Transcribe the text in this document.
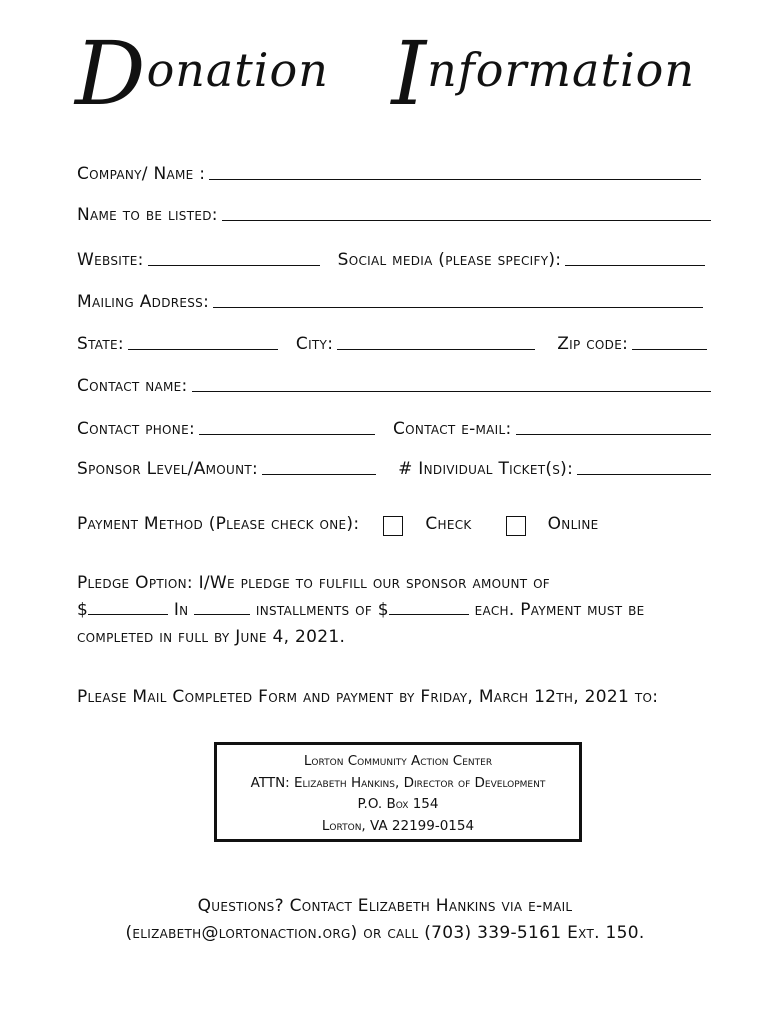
Donation Information
Company/ Name :
Name to be listed:
Website:	Social media (please specify):
Mailing Address:
State:	City:	Zip code:
Contact name:
Contact phone:	Contact e-mail:
Sponsor Level/Amount:	# Individual Ticket(s):
Payment Method (Please check one):	Check	Online
Pledge Option: I/We pledge to fulfill our sponsor amount of
$	In	installments of $	each. Payment must be
completed in full by June 4, 2021.
Please Mail Completed Form and payment by Friday, March 12th, 2021 to:
Lorton Community Action Center
ATTN: Elizabeth Hankins, Director of Development
P.O. Box 154
Lorton, VA 22199-0154
Questions? Contact Elizabeth Hankins via e-mail
(elizabeth@lortonaction.org) or call (703) 339-5161 Ext. 150.
